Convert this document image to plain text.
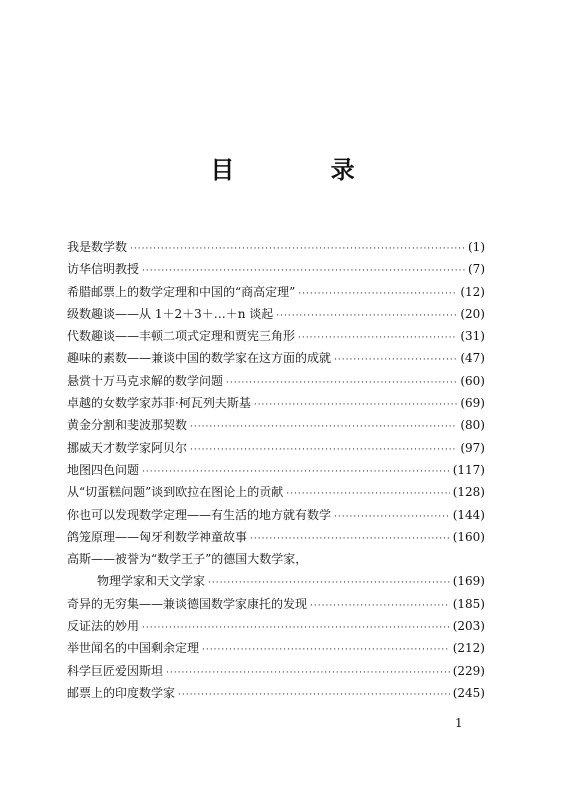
目 录
我是数学数 ·····	(1)
访华信明教授 ·····	(7)
希腊邮票上的数学定理和中国的“商高定理” ·····	(12)
级数趣谈——从 1＋2＋3＋…＋n 谈起 ·····	(20)
代数趣谈——丰顿二项式定理和贾宪三角形 ·····	(31)
趣味的素数——兼谈中国的数学家在这方面的成就 ·····	(47)
悬赏十万马克求解的数学问题 ·····	(60)
卓越的女数学家苏菲·柯瓦列夫斯基 ·····	(69)
黄金分割和斐波那契数 ·····	(80)
挪威天才数学家阿贝尔 ·····	(97)
地图四色问题 ·····	(117)
从“切蛋糕问题”谈到欧拉在图论上的贡献 ·····	(128)
你也可以发现数学定理——有生活的地方就有数学 ·····	(144)
鸽笼原理——匈牙利数学神童故事 ·····	(160)
高斯——被誉为“数学王子”的德国大数学家，
物理学家和天文学家 ·····	(169)
奇异的无穷集——兼谈德国数学家康托的发现 ·····	(185)
反证法的妙用 ·····	(203)
举世闻名的中国剩余定理 ·····	(212)
科学巨匠爱因斯坦 ·····	(229)
邮票上的印度数学家 ·····	(245)
1
